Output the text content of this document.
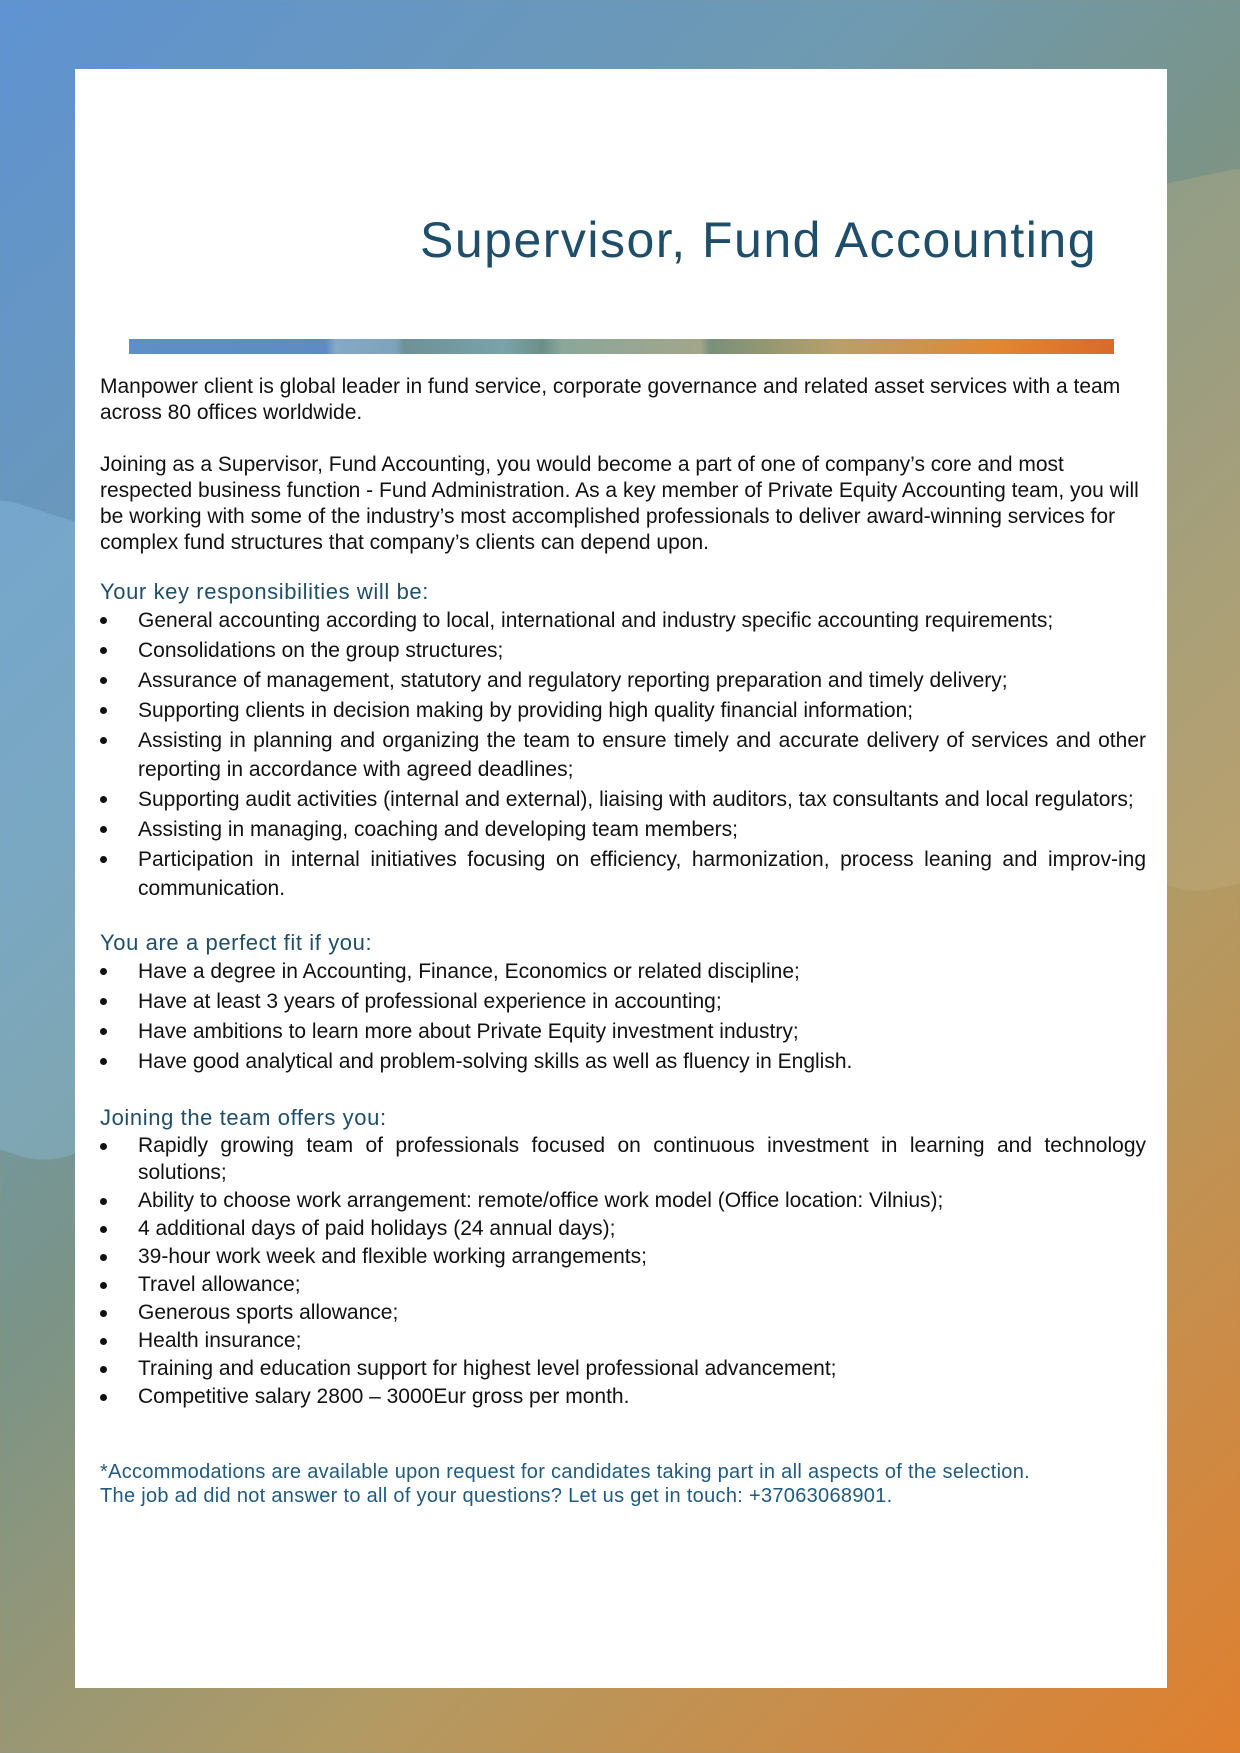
Supervisor, Fund Accounting

Manpower client is global leader in fund service, corporate governance and related asset services with a team across 80 offices worldwide.

Joining as a Supervisor, Fund Accounting, you would become a part of one of company’s core and most respected business function - Fund Administration. As a key member of Private Equity Accounting team, you will be working with some of the industry’s most accomplished professionals to deliver award-winning services for complex fund structures that company’s clients can depend upon.

Your key responsibilities will be:
General accounting according to local, international and industry specific accounting requirements;
Consolidations on the group structures;
Assurance of management, statutory and regulatory reporting preparation and timely delivery;
Supporting clients in decision making by providing high quality financial information;
Assisting in planning and organizing the team to ensure timely and accurate delivery of services and other reporting in accordance with agreed deadlines;
Supporting audit activities (internal and external), liaising with auditors, tax consultants and local regulators;
Assisting in managing, coaching and developing team members;
Participation in internal initiatives focusing on efficiency, harmonization, process leaning and improv-ing communication.
You are a perfect fit if you:
Have a degree in Accounting, Finance, Economics or related discipline;
Have at least 3 years of professional experience in accounting;
Have ambitions to learn more about Private Equity investment industry;
Have good analytical and problem-solving skills as well as fluency in English.
Joining the team offers you:
Rapidly growing team of professionals focused on continuous investment in learning and technology solutions;
Ability to choose work arrangement: remote/office work model (Office location: Vilnius);
4 additional days of paid holidays (24 annual days);
39-hour work week and flexible working arrangements;
Travel allowance;
Generous sports allowance;
Health insurance;
Training and education support for highest level professional advancement;
Competitive salary 2800 – 3000Eur gross per month.

*Accommodations are available upon request for candidates taking part in all aspects of the selection.

The job ad did not answer to all of your questions? Let us get in touch: +37063068901.
